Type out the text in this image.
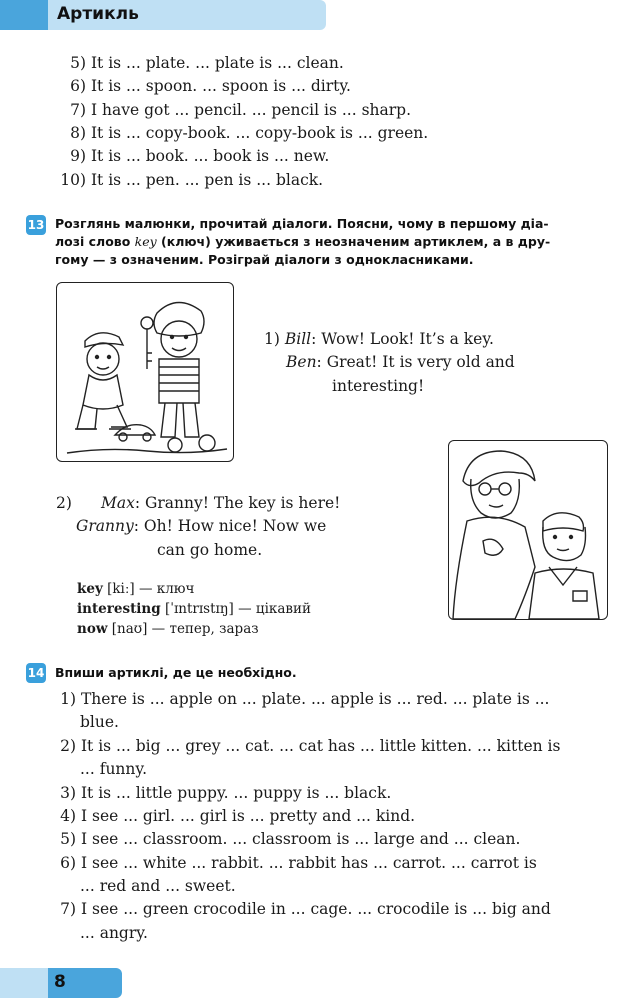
Артикль
5) It is ... plate. ... plate is ... clean.
6) It is ... spoon. ... spoon is ... dirty.
7) I have got ... pencil. ... pencil is ... sharp.
8) It is ... copy-book. ... copy-book is ... green.
9) It is ... book. ... book is ... new.
10) It is ... pen. ... pen is ... black.
13 Розглянь малюнки, прочитай діалоги. Поясни, чому в першому діа-
лозі слово key (ключ) уживається з неозначеним артиклем, а в дру-
гому — з означеним. Розіграй діалоги з однокласниками.
1) Bill: Wow! Look! It’s a key.
Ben: Great! It is very old and
interesting!
2) Max: Granny! The key is here!
Granny: Oh! How nice! Now we
can go home.
key [kiː] — ключ
interesting [ˈɪntrɪstɪŋ] — цікавий
now [naʊ] — тепер, зараз
14 Впиши артиклі, де це необхідно.
1) There is ... apple on ... plate. ... apple is ... red. ... plate is ...
blue.
2) It is ... big ... grey ... cat. ... cat has ... little kitten. ... kitten is
... funny.
3) It is ... little puppy. ... puppy is ... black.
4) I see ... girl. ... girl is ... pretty and ... kind.
5) I see ... classroom. ... classroom is ... large and ... clean.
6) I see ... white ... rabbit. ... rabbit has ... carrot. ... carrot is
... red and ... sweet.
7) I see ... green crocodile in ... cage. ... crocodile is ... big and
... angry.
8
